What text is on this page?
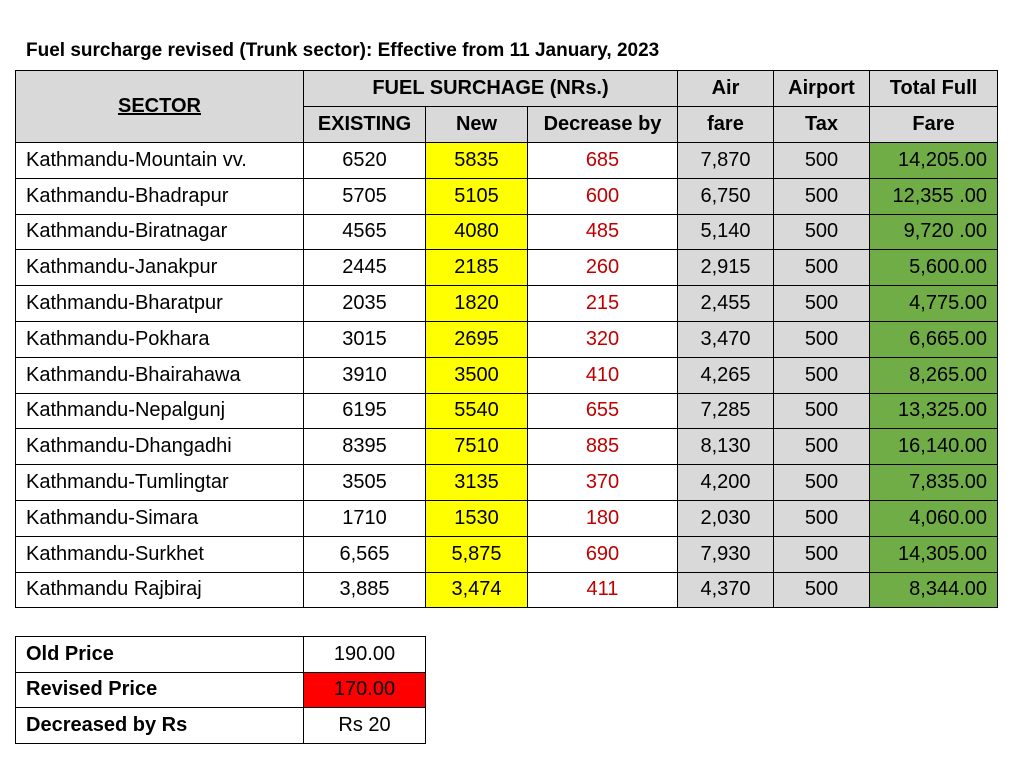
Fuel surcharge revised (Trunk sector): Effective from 11 January, 2023
SECTOR	FUEL SURCHAGE (NRs.)			Air	Airport	Total Full
	EXISTING	New	Decrease by	fare	Tax	Fare
Kathmandu-Mountain vv.	6520	5835	685	7,870	500	14,205.00
Kathmandu-Bhadrapur	5705	5105	600	6,750	500	12,355 .00
Kathmandu-Biratnagar	4565	4080	485	5,140	500	9,720 .00
Kathmandu-Janakpur	2445	2185	260	2,915	500	5,600.00
Kathmandu-Bharatpur	2035	1820	215	2,455	500	4,775.00
Kathmandu-Pokhara	3015	2695	320	3,470	500	6,665.00
Kathmandu-Bhairahawa	3910	3500	410	4,265	500	8,265.00
Kathmandu-Nepalgunj	6195	5540	655	7,285	500	13,325.00
Kathmandu-Dhangadhi	8395	7510	885	8,130	500	16,140.00
Kathmandu-Tumlingtar	3505	3135	370	4,200	500	7,835.00
Kathmandu-Simara	1710	1530	180	2,030	500	4,060.00
Kathmandu-Surkhet	6,565	5,875	690	7,930	500	14,305.00
Kathmandu Rajbiraj	3,885	3,474	411	4,370	500	8,344.00
Old Price	190.00
Revised Price	170.00
Decreased by Rs	Rs 20
